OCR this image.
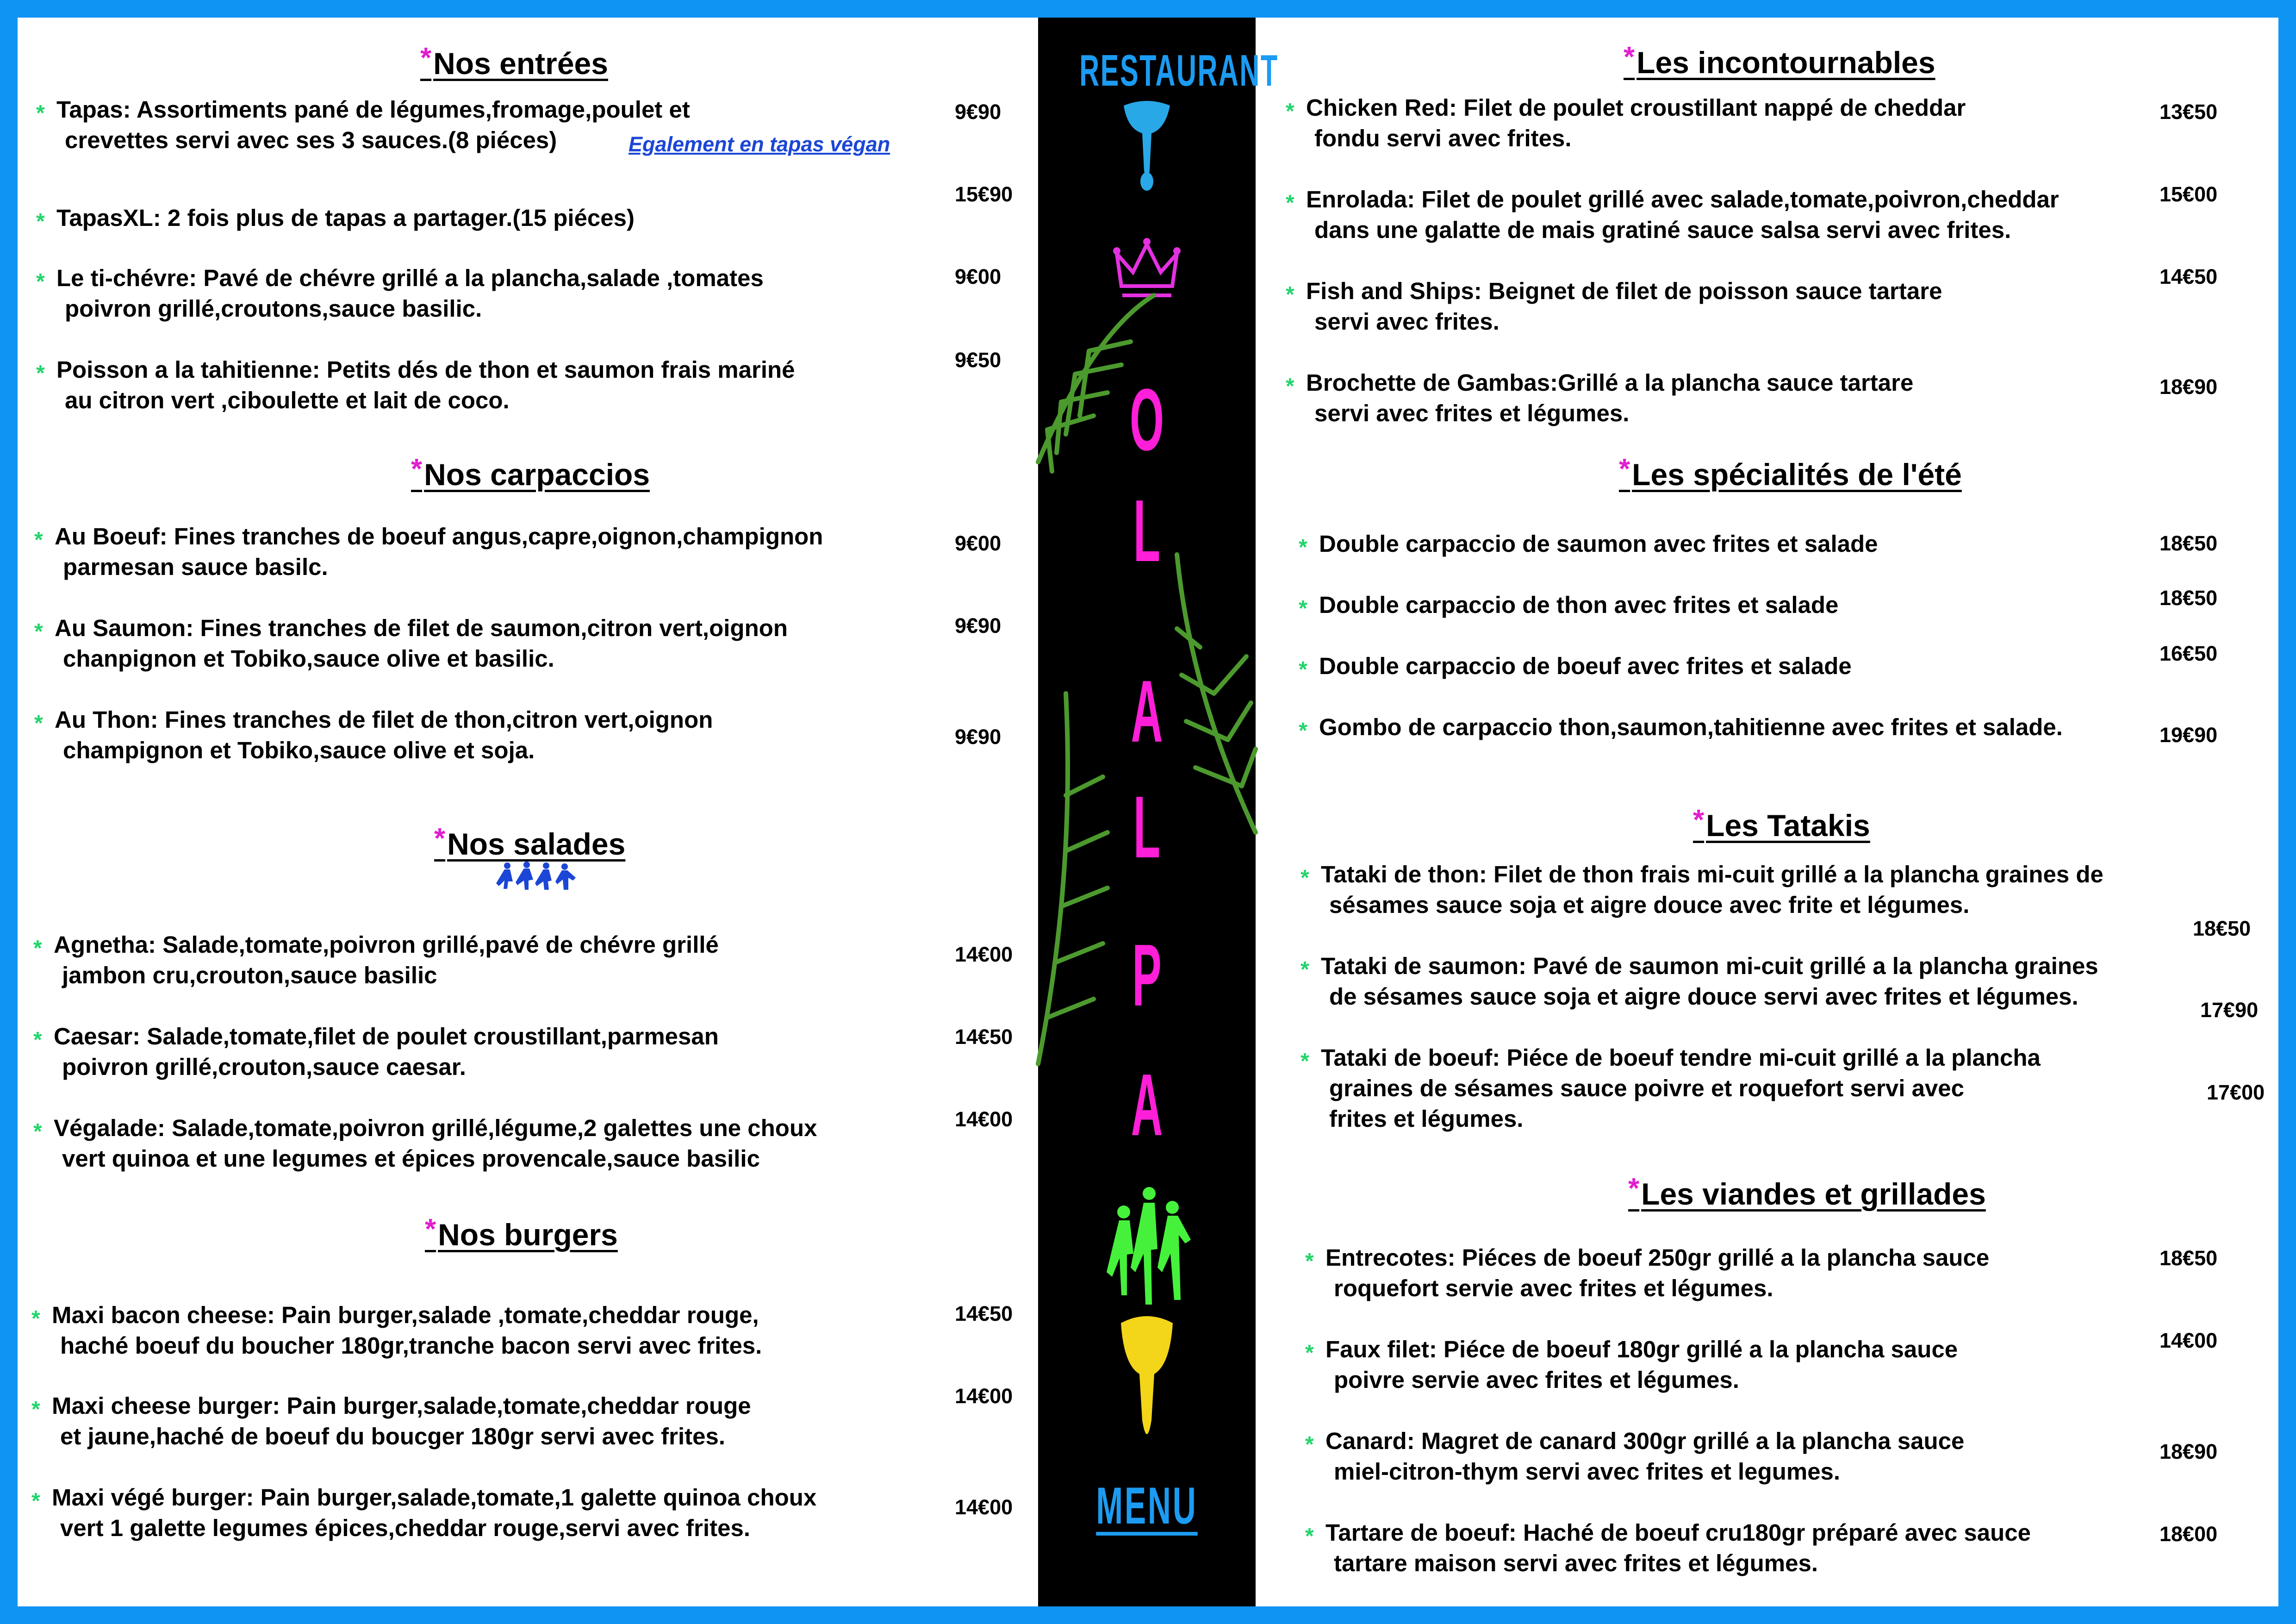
*Nos entrées
* Tapas: Assortiments pané de légumes,fromage,poulet et
crevettes servi avec ses 3 sauces.(8 piéces)	Egalement en tapas végan
9€90
* TapasXL: 2 fois plus de tapas a partager.(15 piéces)
15€90
* Le ti-chévre: Pavé de chévre grillé a la plancha,salade ,tomates
poivron grillé,croutons,sauce basilic.
9€00
* Poisson a la tahitienne: Petits dés de thon et saumon frais mariné
au citron vert ,ciboulette et lait de coco.
9€50
*Nos carpaccios
* Au Boeuf: Fines tranches de boeuf angus,capre,oignon,champignon
parmesan sauce basilc.
9€00
* Au Saumon: Fines tranches de filet de saumon,citron vert,oignon
chanpignon et Tobiko,sauce olive et basilic.
9€90
* Au Thon: Fines tranches de filet de thon,citron vert,oignon
champignon et Tobiko,sauce olive et soja.
9€90
*Nos salades
* Agnetha: Salade,tomate,poivron grillé,pavé de chévre grillé
jambon cru,crouton,sauce basilic
14€00
* Caesar: Salade,tomate,filet de poulet croustillant,parmesan
poivron grillé,crouton,sauce caesar.
14€50
* Végalade: Salade,tomate,poivron grillé,légume,2 galettes une choux
vert quinoa et une legumes et épices provencale,sauce basilic
14€00
*Nos burgers
* Maxi bacon cheese: Pain burger,salade ,tomate,cheddar rouge,
haché boeuf du boucher 180gr,tranche bacon servi avec frites.
14€50
* Maxi cheese burger: Pain burger,salade,tomate,cheddar rouge
et jaune,haché de boeuf du boucger 180gr servi avec frites.
14€00
* Maxi végé burger: Pain burger,salade,tomate,1 galette quinoa choux
vert 1 galette legumes épices,cheddar rouge,servi avec frites.
14€00
RESTAURANT
O
L
A
L
P
A
MENU
*Les incontournables
* Chicken Red: Filet de poulet croustillant nappé de cheddar
fondu servi avec frites.
13€50
* Enrolada: Filet de poulet grillé avec salade,tomate,poivron,cheddar
dans une galatte de mais gratiné sauce salsa servi avec frites.
15€00
* Fish and Ships: Beignet de filet de poisson sauce tartare
servi avec frites.
14€50
* Brochette de Gambas:Grillé a la plancha sauce tartare
servi avec frites et légumes.
18€90
*Les spécialités de l'été
* Double carpaccio de saumon avec frites et salade	18€50
* Double carpaccio de thon avec frites et salade	18€50
* Double carpaccio de boeuf avec frites et salade	16€50
* Gombo de carpaccio thon,saumon,tahitienne avec frites et salade.	19€90
*Les Tatakis
* Tataki de thon: Filet de thon frais mi-cuit grillé a la plancha graines de
sésames sauce soja et aigre douce avec frite et légumes.
18€50
* Tataki de saumon: Pavé de saumon mi-cuit grillé a la plancha graines
de sésames sauce soja et aigre douce servi avec frites et légumes.
17€90
* Tataki de boeuf: Piéce de boeuf tendre mi-cuit grillé a la plancha
graines de sésames sauce poivre et roquefort servi avec
frites et légumes.
17€00
*Les viandes et grillades
* Entrecotes: Piéces de boeuf 250gr grillé a la plancha sauce
roquefort servie avec frites et légumes.
18€50
* Faux filet: Piéce de boeuf 180gr grillé a la plancha sauce
poivre servie avec frites et légumes.
14€00
* Canard: Magret de canard 300gr grillé a la plancha sauce
miel-citron-thym servi avec frites et legumes.
18€90
* Tartare de boeuf: Haché de boeuf cru180gr préparé avec sauce
tartare maison servi avec frites et légumes.
18€00
